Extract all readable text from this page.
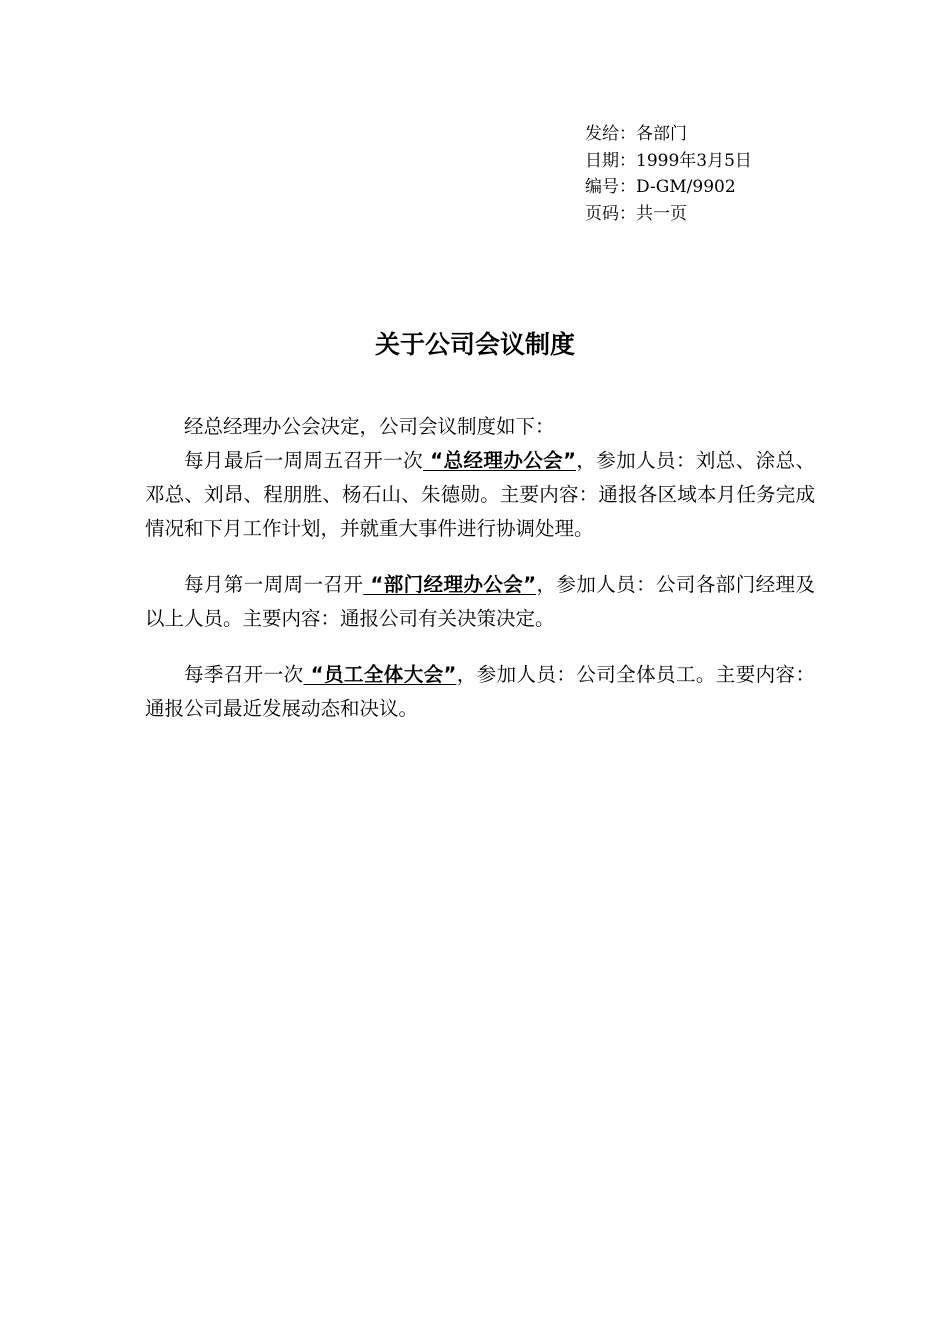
发给：各部门
日期：1999年3月5日
编号：D-GM/9902
页码：共一页
关于公司会议制度

经总经理办公会决定，公司会议制度如下：

每月最后一周周五召开一次 “总经理办公会”，参加人员：刘总、涂总、邓总、刘昂、程朋胜、杨石山、朱德勋。主要内容：通报各区域本月任务完成情况和下月工作计划，并就重大事件进行协调处理。

每月第一周周一召开 “部门经理办公会”，参加人员：公司各部门经理及以上人员。主要内容：通报公司有关决策决定。

每季召开一次 “员工全体大会”，参加人员：公司全体员工。主要内容：通报公司最近发展动态和决议。
